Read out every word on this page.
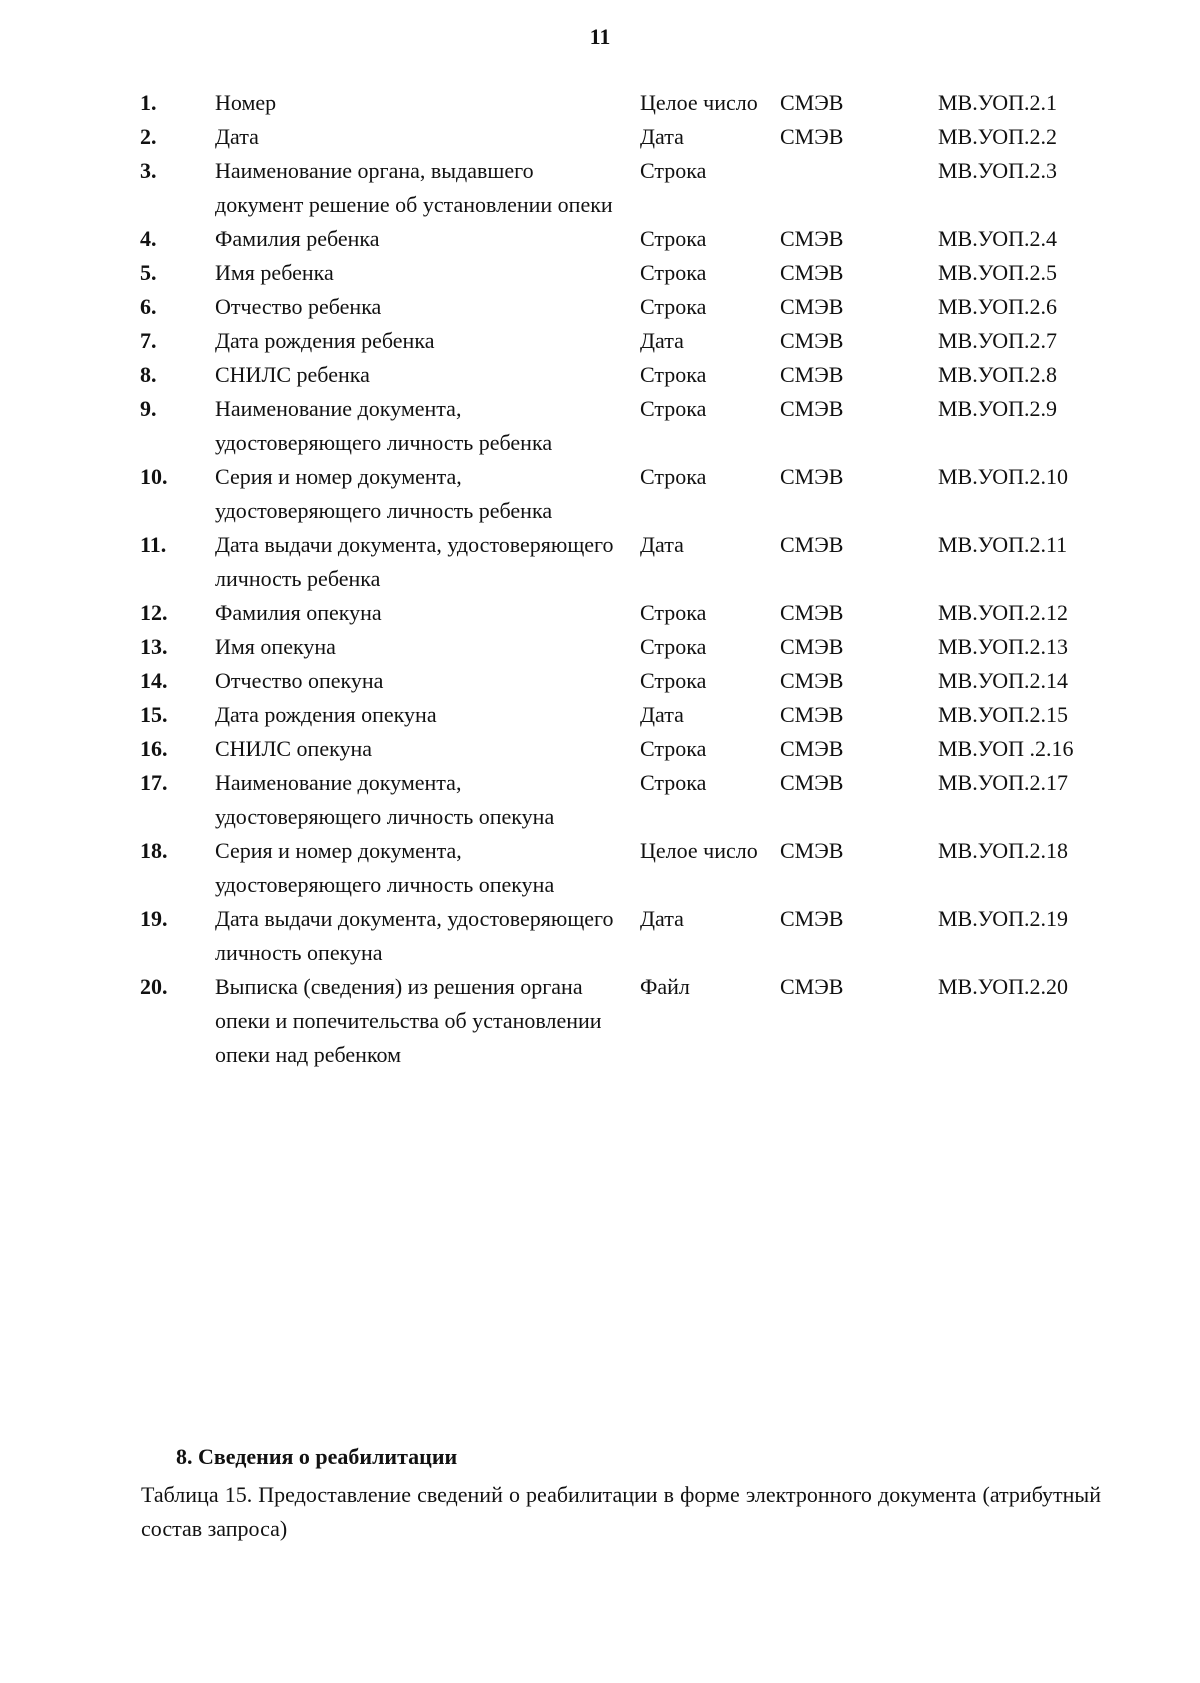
11
1.	Номер	Целое число	СМЭВ	МВ.УОП.2.1
2.	Дата	Дата	СМЭВ	МВ.УОП.2.2
3.	Наименование органа, выдавшего документ решение об установлении опеки	Строка		МВ.УОП.2.3
4.	Фамилия ребенка	Строка	СМЭВ	МВ.УОП.2.4
5.	Имя ребенка	Строка	СМЭВ	МВ.УОП.2.5
6.	Отчество ребенка	Строка	СМЭВ	МВ.УОП.2.6
7.	Дата рождения ребенка	Дата	СМЭВ	МВ.УОП.2.7
8.	СНИЛС ребенка	Строка	СМЭВ	МВ.УОП.2.8
9.	Наименование документа, удостоверяющего личность ребенка	Строка	СМЭВ	МВ.УОП.2.9
10.	Серия и номер документа, удостоверяющего личность ребенка	Строка	СМЭВ	МВ.УОП.2.10
11.	Дата выдачи документа, удостоверяющего личность ребенка	Дата	СМЭВ	МВ.УОП.2.11
12.	Фамилия опекуна	Строка	СМЭВ	МВ.УОП.2.12
13.	Имя опекуна	Строка	СМЭВ	МВ.УОП.2.13
14.	Отчество опекуна	Строка	СМЭВ	МВ.УОП.2.14
15.	Дата рождения опекуна	Дата	СМЭВ	МВ.УОП.2.15
16.	СНИЛС опекуна	Строка	СМЭВ	МВ.УОП .2.16
17.	Наименование документа, удостоверяющего личность опекуна	Строка	СМЭВ	МВ.УОП.2.17
18.	Серия и номер документа, удостоверяющего личность опекуна	Целое число	СМЭВ	МВ.УОП.2.18
19.	Дата выдачи документа, удостоверяющего личность опекуна	Дата	СМЭВ	МВ.УОП.2.19
20.	Выписка (сведения) из решения органа опеки и попечительства об установлении опеки над ребенком	Файл	СМЭВ	МВ.УОП.2.20
8. Сведения о реабилитации
Таблица 15. Предоставление сведений о реабилитации в форме электронного документа (атрибутный состав запроса)
